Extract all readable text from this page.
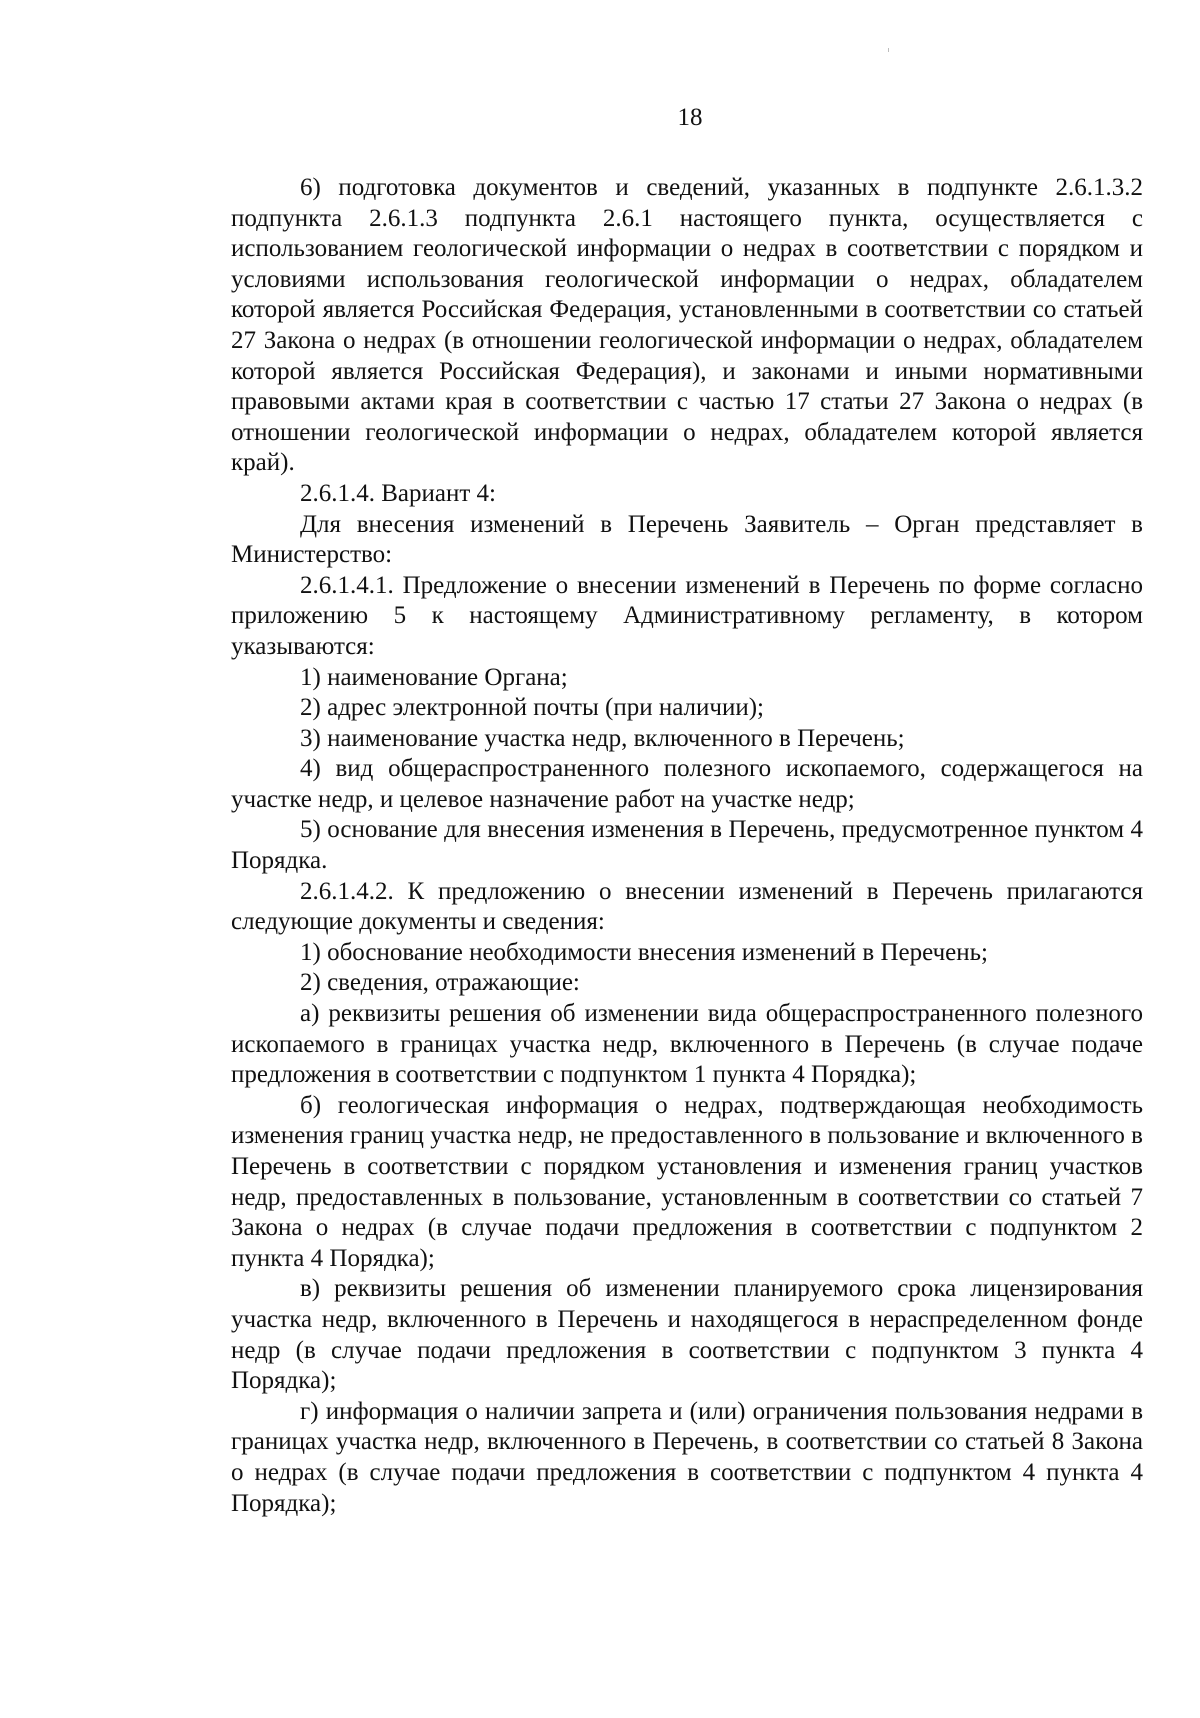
18

6) подготовка документов и сведений, указанных в подпункте 2.6.1.3.2 подпункта 2.6.1.3 подпункта 2.6.1 настоящего пункта, осуществляется с использованием геологической информации о недрах в соответствии с порядком и условиями использования геологической информации о недрах, обладателем которой является Российская Федерация, установленными в соответствии со статьей 27 Закона о недрах (в отношении геологической информации о недрах, обладателем которой является Российская Федерация), и законами и иными нормативными правовыми актами края в соответствии с частью 17 статьи 27 Закона о недрах (в отношении геологической информации о недрах, обладателем которой является край).

2.6.1.4. Вариант 4:

Для внесения изменений в Перечень Заявитель – Орган представляет в Министерство:

2.6.1.4.1. Предложение о внесении изменений в Перечень по форме согласно приложению 5 к настоящему Административному регламенту, в котором указываются:

1) наименование Органа;

2) адрес электронной почты (при наличии);

3) наименование участка недр, включенного в Перечень;

4) вид общераспространенного полезного ископаемого, содержащегося на участке недр, и целевое назначение работ на участке недр;

5) основание для внесения изменения в Перечень, предусмотренное пунктом 4 Порядка.

2.6.1.4.2. К предложению о внесении изменений в Перечень прилагаются следующие документы и сведения:

1) обоснование необходимости внесения изменений в Перечень;

2) сведения, отражающие:

а) реквизиты решения об изменении вида общераспространенного полезного ископаемого в границах участка недр, включенного в Перечень (в случае подаче предложения в соответствии с подпунктом 1 пункта 4 Порядка);

б) геологическая информация о недрах, подтверждающая необходимость изменения границ участка недр, не предоставленного в пользование и включенного в Перечень в соответствии с порядком установления и изменения границ участков недр, предоставленных в пользование, установленным в соответствии со статьей 7 Закона о недрах (в случае подачи предложения в соответствии с подпунктом 2 пункта 4 Порядка);

в) реквизиты решения об изменении планируемого срока лицензирования участка недр, включенного в Перечень и находящегося в нераспределенном фонде недр (в случае подачи предложения в соответствии с подпунктом 3 пункта 4 Порядка);

г) информация о наличии запрета и (или) ограничения пользования недрами в границах участка недр, включенного в Перечень, в соответствии со статьей 8 Закона о недрах (в случае подачи предложения в соответствии с подпунктом 4 пункта 4 Порядка);
